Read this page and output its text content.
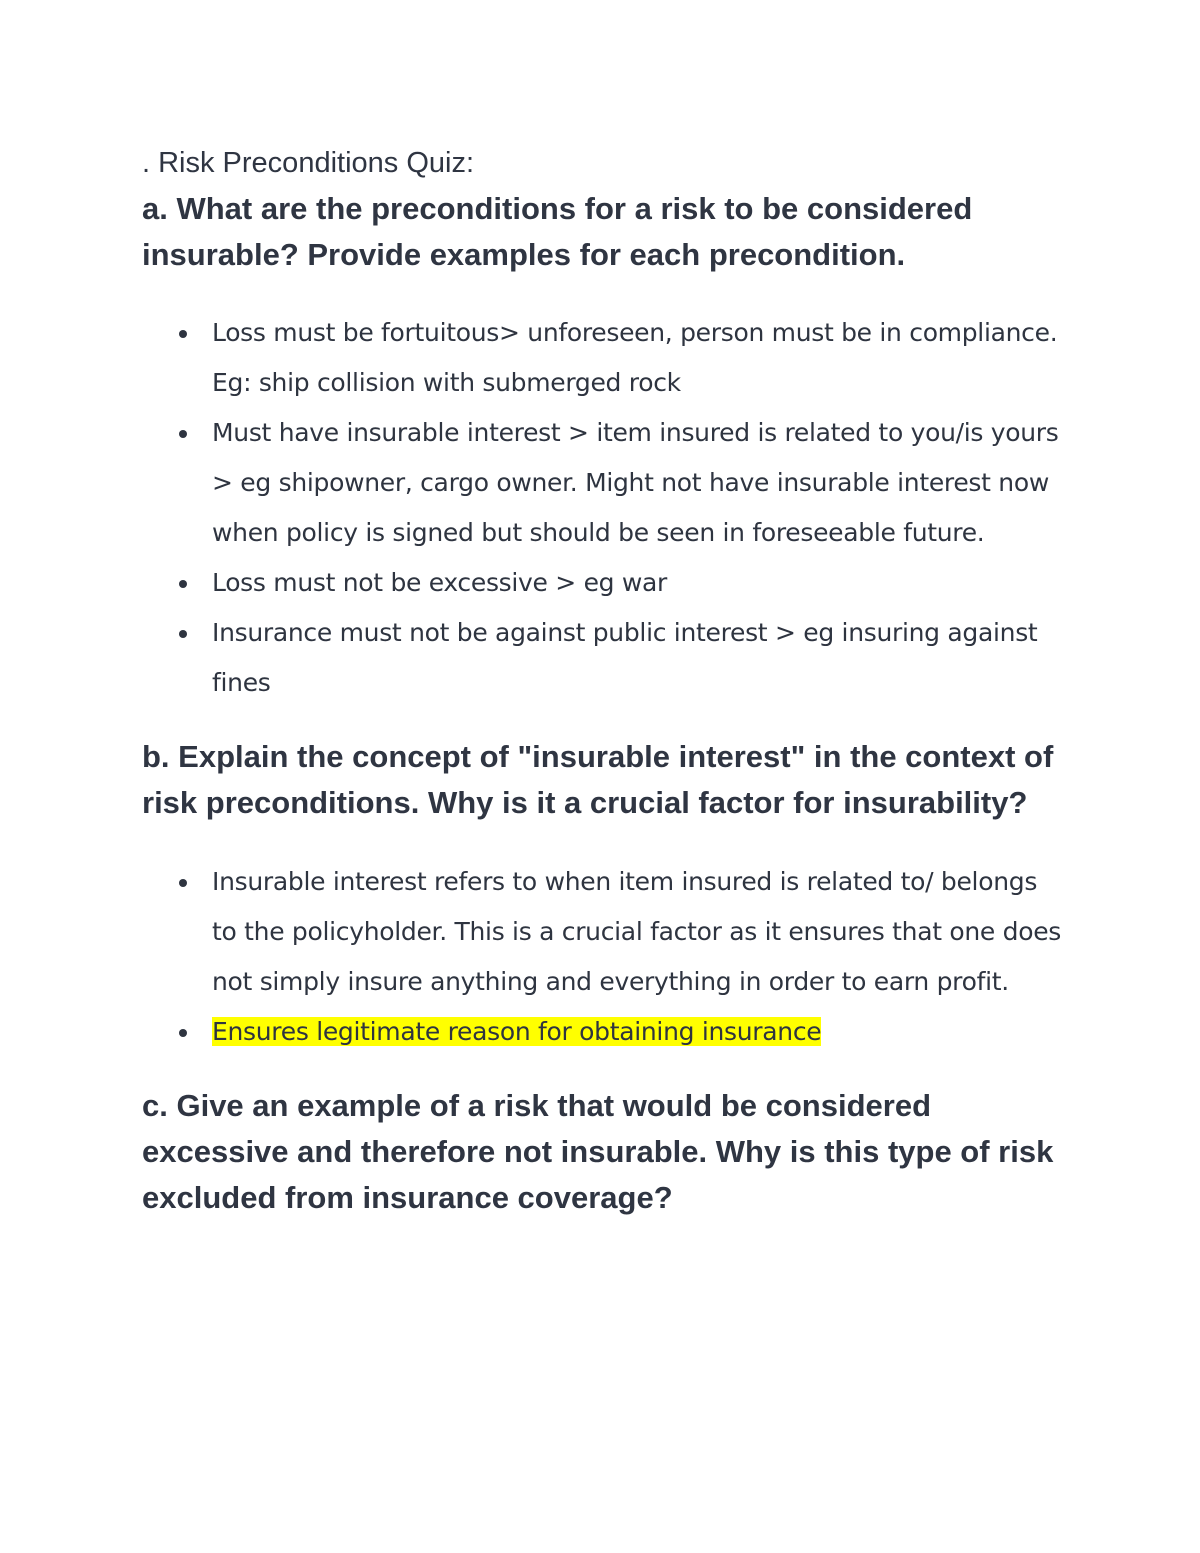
. Risk Preconditions Quiz:

a. What are the preconditions for a risk to be considered insurable? Provide examples for each precondition.

Loss must be fortuitous> unforeseen, person must be in compliance. Eg: ship collision with submerged rock
Must have insurable interest > item insured is related to you/is yours > eg shipowner, cargo owner. Might not have insurable interest now when policy is signed but should be seen in foreseeable future.
Loss must not be excessive > eg war
Insurance must not be against public interest > eg insuring against fines

b. Explain the concept of "insurable interest" in the context of risk preconditions. Why is it a crucial factor for insurability?

Insurable interest refers to when item insured is related to/ belongs to the policyholder. This is a crucial factor as it ensures that one does not simply insure anything and everything in order to earn profit.
Ensures legitimate reason for obtaining insurance

c. Give an example of a risk that would be considered excessive and therefore not insurable. Why is this type of risk excluded from insurance coverage?
